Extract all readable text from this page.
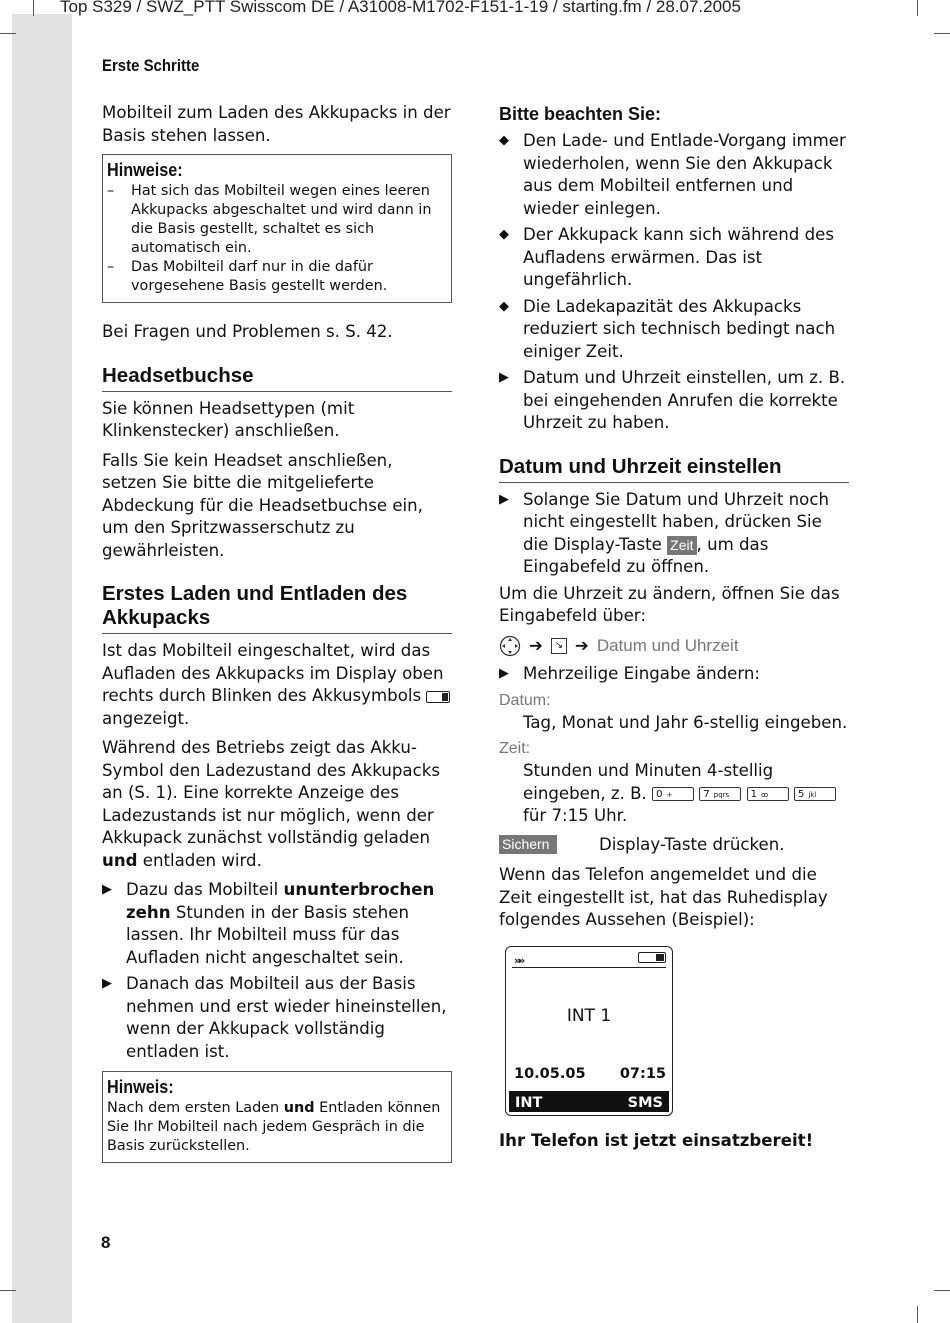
Top S329 / SWZ_PTT Swisscom DE / A31008-M1702-F151-1-19 / starting.fm / 28.07.2005
Erste Schritte

Mobilteil zum Laden des Akkupacks in der Basis stehen lassen.

Hinweise:
–	Hat sich das Mobilteil wegen eines leeren Akkupacks abgeschaltet und wird dann in die Basis gestellt, schaltet es sich automatisch ein.
–	Das Mobilteil darf nur in die dafür vorgesehene Basis gestellt werden.

Bei Fragen und Problemen s. S. 42.

Headsetbuchse

Sie können Headsettypen (mit Klinkenstecker) anschließen.

Falls Sie kein Headset anschließen, setzen Sie bitte die mitgelieferte Abdeckung für die Headsetbuchse ein, um den Spritzwasserschutz zu gewährleisten.

Erstes Laden und Entladen des Akkupacks

Ist das Mobilteil eingeschaltet, wird das Aufladen des Akkupacks im Display oben rechts durch Blinken des Akkusymbols  angezeigt.

Während des Betriebs zeigt das Akku-Symbol den Ladezustand des Akkupacks an (S. 1). Eine korrekte Anzeige des Ladezustands ist nur möglich, wenn der Akkupack zunächst vollständig geladen und entladen wird.

▶ Dazu das Mobilteil ununterbrochen zehn Stunden in der Basis stehen lassen. Ihr Mobilteil muss für das Aufladen nicht angeschaltet sein.
▶ Danach das Mobilteil aus der Basis nehmen und erst wieder hineinstellen, wenn der Akkupack vollständig entladen ist.
Hinweis:
Nach dem ersten Laden und Entladen können Sie Ihr Mobilteil nach jedem Gespräch in die Basis zurückstellen.
Bitte beachten Sie:
◆ Den Lade- und Entlade-Vorgang immer wiederholen, wenn Sie den Akkupack aus dem Mobilteil entfernen und wieder einlegen.
◆ Der Akkupack kann sich während des Aufladens erwärmen. Das ist ungefährlich.
◆ Die Ladekapazität des Akkupacks reduziert sich technisch bedingt nach einiger Zeit.
▶ Datum und Uhrzeit einstellen, um z. B. bei eingehenden Anrufen die korrekte Uhrzeit zu haben.
Datum und Uhrzeit einstellen
▶ Solange Sie Datum und Uhrzeit noch nicht eingestellt haben, drücken Sie die Display-Taste Zeit , um das Eingabefeld zu öffnen.

Um die Uhrzeit zu ändern, öffnen Sie das Eingabefeld über:

➔	↘ ➔ Datum und Uhrzeit
▶ Mehrzeilige Eingabe ändern:
Datum:
Tag, Monat und Jahr 6-stellig eingeben.
Zeit:
Stunden und Minuten 4-stellig eingeben, z. B. 0 +	7 pqrs 1 ꝏ	5 jkl für 7:15 Uhr.
Sichern	Display-Taste drücken.

Wenn das Telefon angemeldet und die Zeit eingestellt ist, hat das Ruhedisplay folgendes Aussehen (Beispiel):

»»
INT 1
10.05.05 07:15
INT	SMS
Ihr Telefon ist jetzt einsatzbereit!
8
